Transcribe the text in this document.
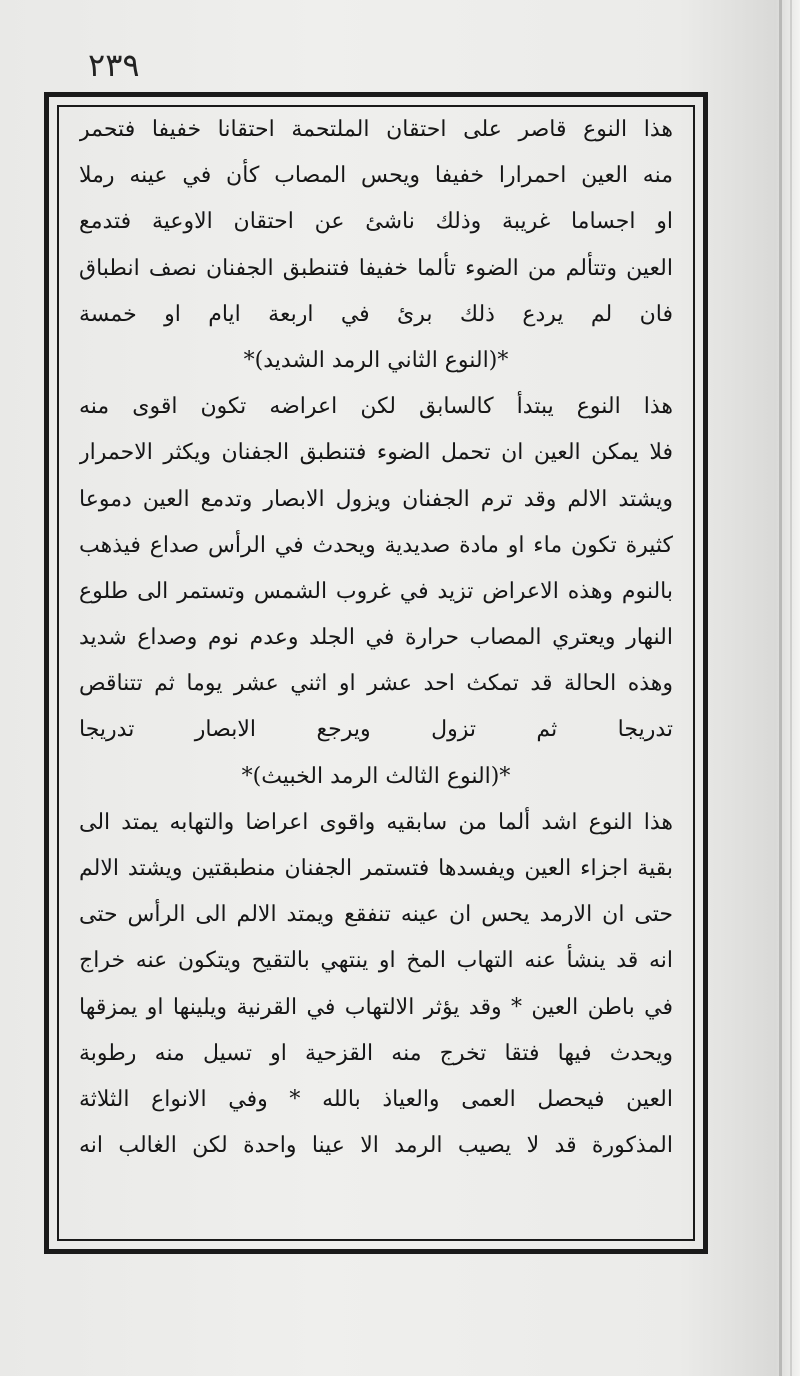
٢٣٩
هذا النوع قاصر على احتقان الملتحمة احتقانا خفيفا فتحمر
منه العين احمرارا خفيفا ويحس المصاب كأن في عينه رملا
او اجساما غريبة وذلك ناشئ عن احتقان الاوعية فتدمع
العين وتتألم من الضوء تألما خفيفا فتنطبق الجفنان نصف انطباق
فان لم يردع ذلك برئ في اربعة ايام او خمسة
*(النوع الثاني الرمد الشديد)*
هذا النوع يبتدأ كالسابق لكن اعراضه تكون اقوى منه
فلا يمكن العين ان تحمل الضوء فتنطبق الجفنان ويكثر الاحمرار
ويشتد الالم وقد ترم الجفنان ويزول الابصار وتدمع العين دموعا
كثيرة تكون ماء او مادة صديدية ويحدث في الرأس صداع فيذهب
بالنوم وهذه الاعراض تزيد في غروب الشمس وتستمر الى طلوع
النهار ويعتري المصاب حرارة في الجلد وعدم نوم وصداع شديد
وهذه الحالة قد تمكث احد عشر او اثني عشر يوما ثم تتناقص
تدريجا ثم تزول ويرجع الابصار تدريجا
*(النوع الثالث الرمد الخبيث)*
هذا النوع اشد ألما من سابقيه واقوى اعراضا والتهابه يمتد الى
بقية اجزاء العين ويفسدها فتستمر الجفنان منطبقتين ويشتد الالم
حتى ان الارمد يحس ان عينه تنفقع ويمتد الالم الى الرأس حتى
انه قد ينشأ عنه التهاب المخ او ينتهي بالتقيح ويتكون عنه خراج
في باطن العين * وقد يؤثر الالتهاب في القرنية ويلينها او يمزقها
ويحدث فيها فتقا تخرج منه القزحية او تسيل منه رطوبة
العين فيحصل العمى والعياذ بالله * وفي الانواع الثلاثة
المذكورة قد لا يصيب الرمد الا عينا واحدة لكن الغالب انه
